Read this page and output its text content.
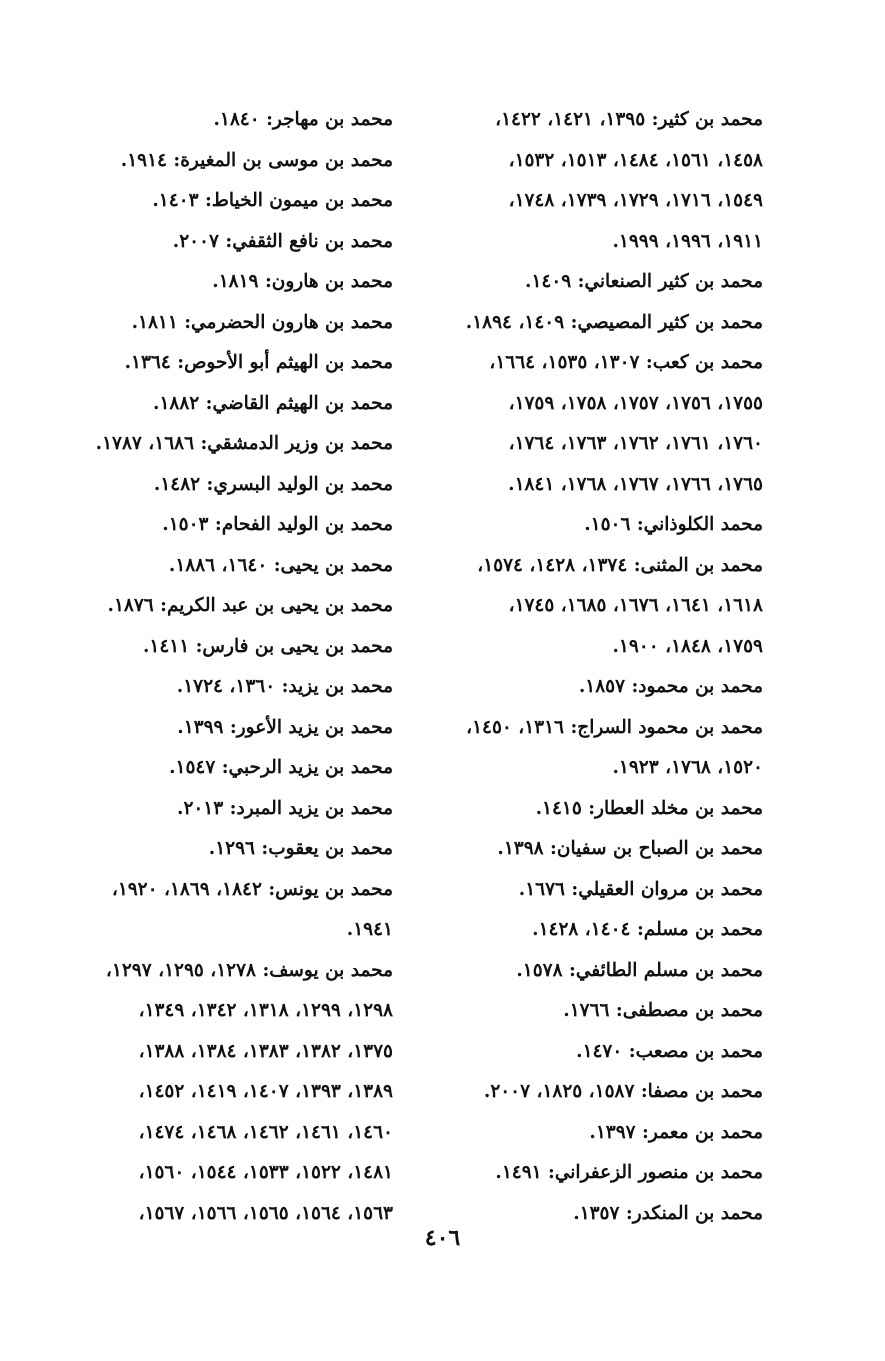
محمد بن كثير: ١٣٩٥، ١٤٢١، ١٤٢٢،
١٤٥٨، ١٥٦١، ١٤٨٤، ١٥١٣، ١٥٣٢،
١٥٤٩، ١٧١٦، ١٧٢٩، ١٧٣٩، ١٧٤٨،
١٩١١، ١٩٩٦، ١٩٩٩.
محمد بن كثير الصنعاني: ١٤٠٩.
محمد بن كثير المصيصي: ١٤٠٩، ١٨٩٤.
محمد بن كعب: ١٣٠٧، ١٥٣٥، ١٦٦٤،
١٧٥٥، ١٧٥٦، ١٧٥٧، ١٧٥٨، ١٧٥٩،
١٧٦٠، ١٧٦١، ١٧٦٢، ١٧٦٣، ١٧٦٤،
١٧٦٥، ١٧٦٦، ١٧٦٧، ١٧٦٨، ١٨٤١.
محمد الكلوذاني: ١٥٠٦.
محمد بن المثنى: ١٣٧٤، ١٤٢٨، ١٥٧٤،
١٦١٨، ١٦٤١، ١٦٧٦، ١٦٨٥، ١٧٤٥،
١٧٥٩، ١٨٤٨، ١٩٠٠.
محمد بن محمود: ١٨٥٧.
محمد بن محمود السراج: ١٣١٦، ١٤٥٠،
١٥٢٠، ١٧٦٨، ١٩٢٣.
محمد بن مخلد العطار: ١٤١٥.
محمد بن الصباح بن سفيان: ١٣٩٨.
محمد بن مروان العقيلي: ١٦٧٦.
محمد بن مسلم: ١٤٠٤، ١٤٢٨.
محمد بن مسلم الطائفي: ١٥٧٨.
محمد بن مصطفى: ١٧٦٦.
محمد بن مصعب: ١٤٧٠.
محمد بن مصفا: ١٥٨٧، ١٨٢٥، ٢٠٠٧.
محمد بن معمر: ١٣٩٧.
محمد بن منصور الزعفراني: ١٤٩١.
محمد بن المنكدر: ١٣٥٧.
محمد بن مهاجر: ١٨٤٠.
محمد بن موسى بن المغيرة: ١٩١٤.
محمد بن ميمون الخياط: ١٤٠٣.
محمد بن نافع الثقفي: ٢٠٠٧.
محمد بن هارون: ١٨١٩.
محمد بن هارون الحضرمي: ١٨١١.
محمد بن الهيثم أبو الأحوص: ١٣٦٤.
محمد بن الهيثم القاضي: ١٨٨٢.
محمد بن وزير الدمشقي: ١٦٨٦، ١٧٨٧.
محمد بن الوليد البسري: ١٤٨٢.
محمد بن الوليد الفحام: ١٥٠٣.
محمد بن يحيى: ١٦٤٠، ١٨٨٦.
محمد بن يحيى بن عبد الكريم: ١٨٧٦.
محمد بن يحيى بن فارس: ١٤١١.
محمد بن يزيد: ١٣٦٠، ١٧٢٤.
محمد بن يزيد الأعور: ١٣٩٩.
محمد بن يزيد الرحبي: ١٥٤٧.
محمد بن يزيد المبرد: ٢٠١٣.
محمد بن يعقوب: ١٢٩٦.
محمد بن يونس: ١٨٤٢، ١٨٦٩، ١٩٢٠،
١٩٤١.
محمد بن يوسف: ١٢٧٨، ١٢٩٥، ١٢٩٧،
١٢٩٨، ١٢٩٩، ١٣١٨، ١٣٤٢، ١٣٤٩،
١٣٧٥، ١٣٨٢، ١٣٨٣، ١٣٨٤، ١٣٨٨،
١٣٨٩، ١٣٩٣، ١٤٠٧، ١٤١٩، ١٤٥٢،
١٤٦٠، ١٤٦١، ١٤٦٢، ١٤٦٨، ١٤٧٤،
١٤٨١، ١٥٢٢، ١٥٣٣، ١٥٤٤، ١٥٦٠،
١٥٦٣، ١٥٦٤، ١٥٦٥، ١٥٦٦، ١٥٦٧،
٤٠٦
